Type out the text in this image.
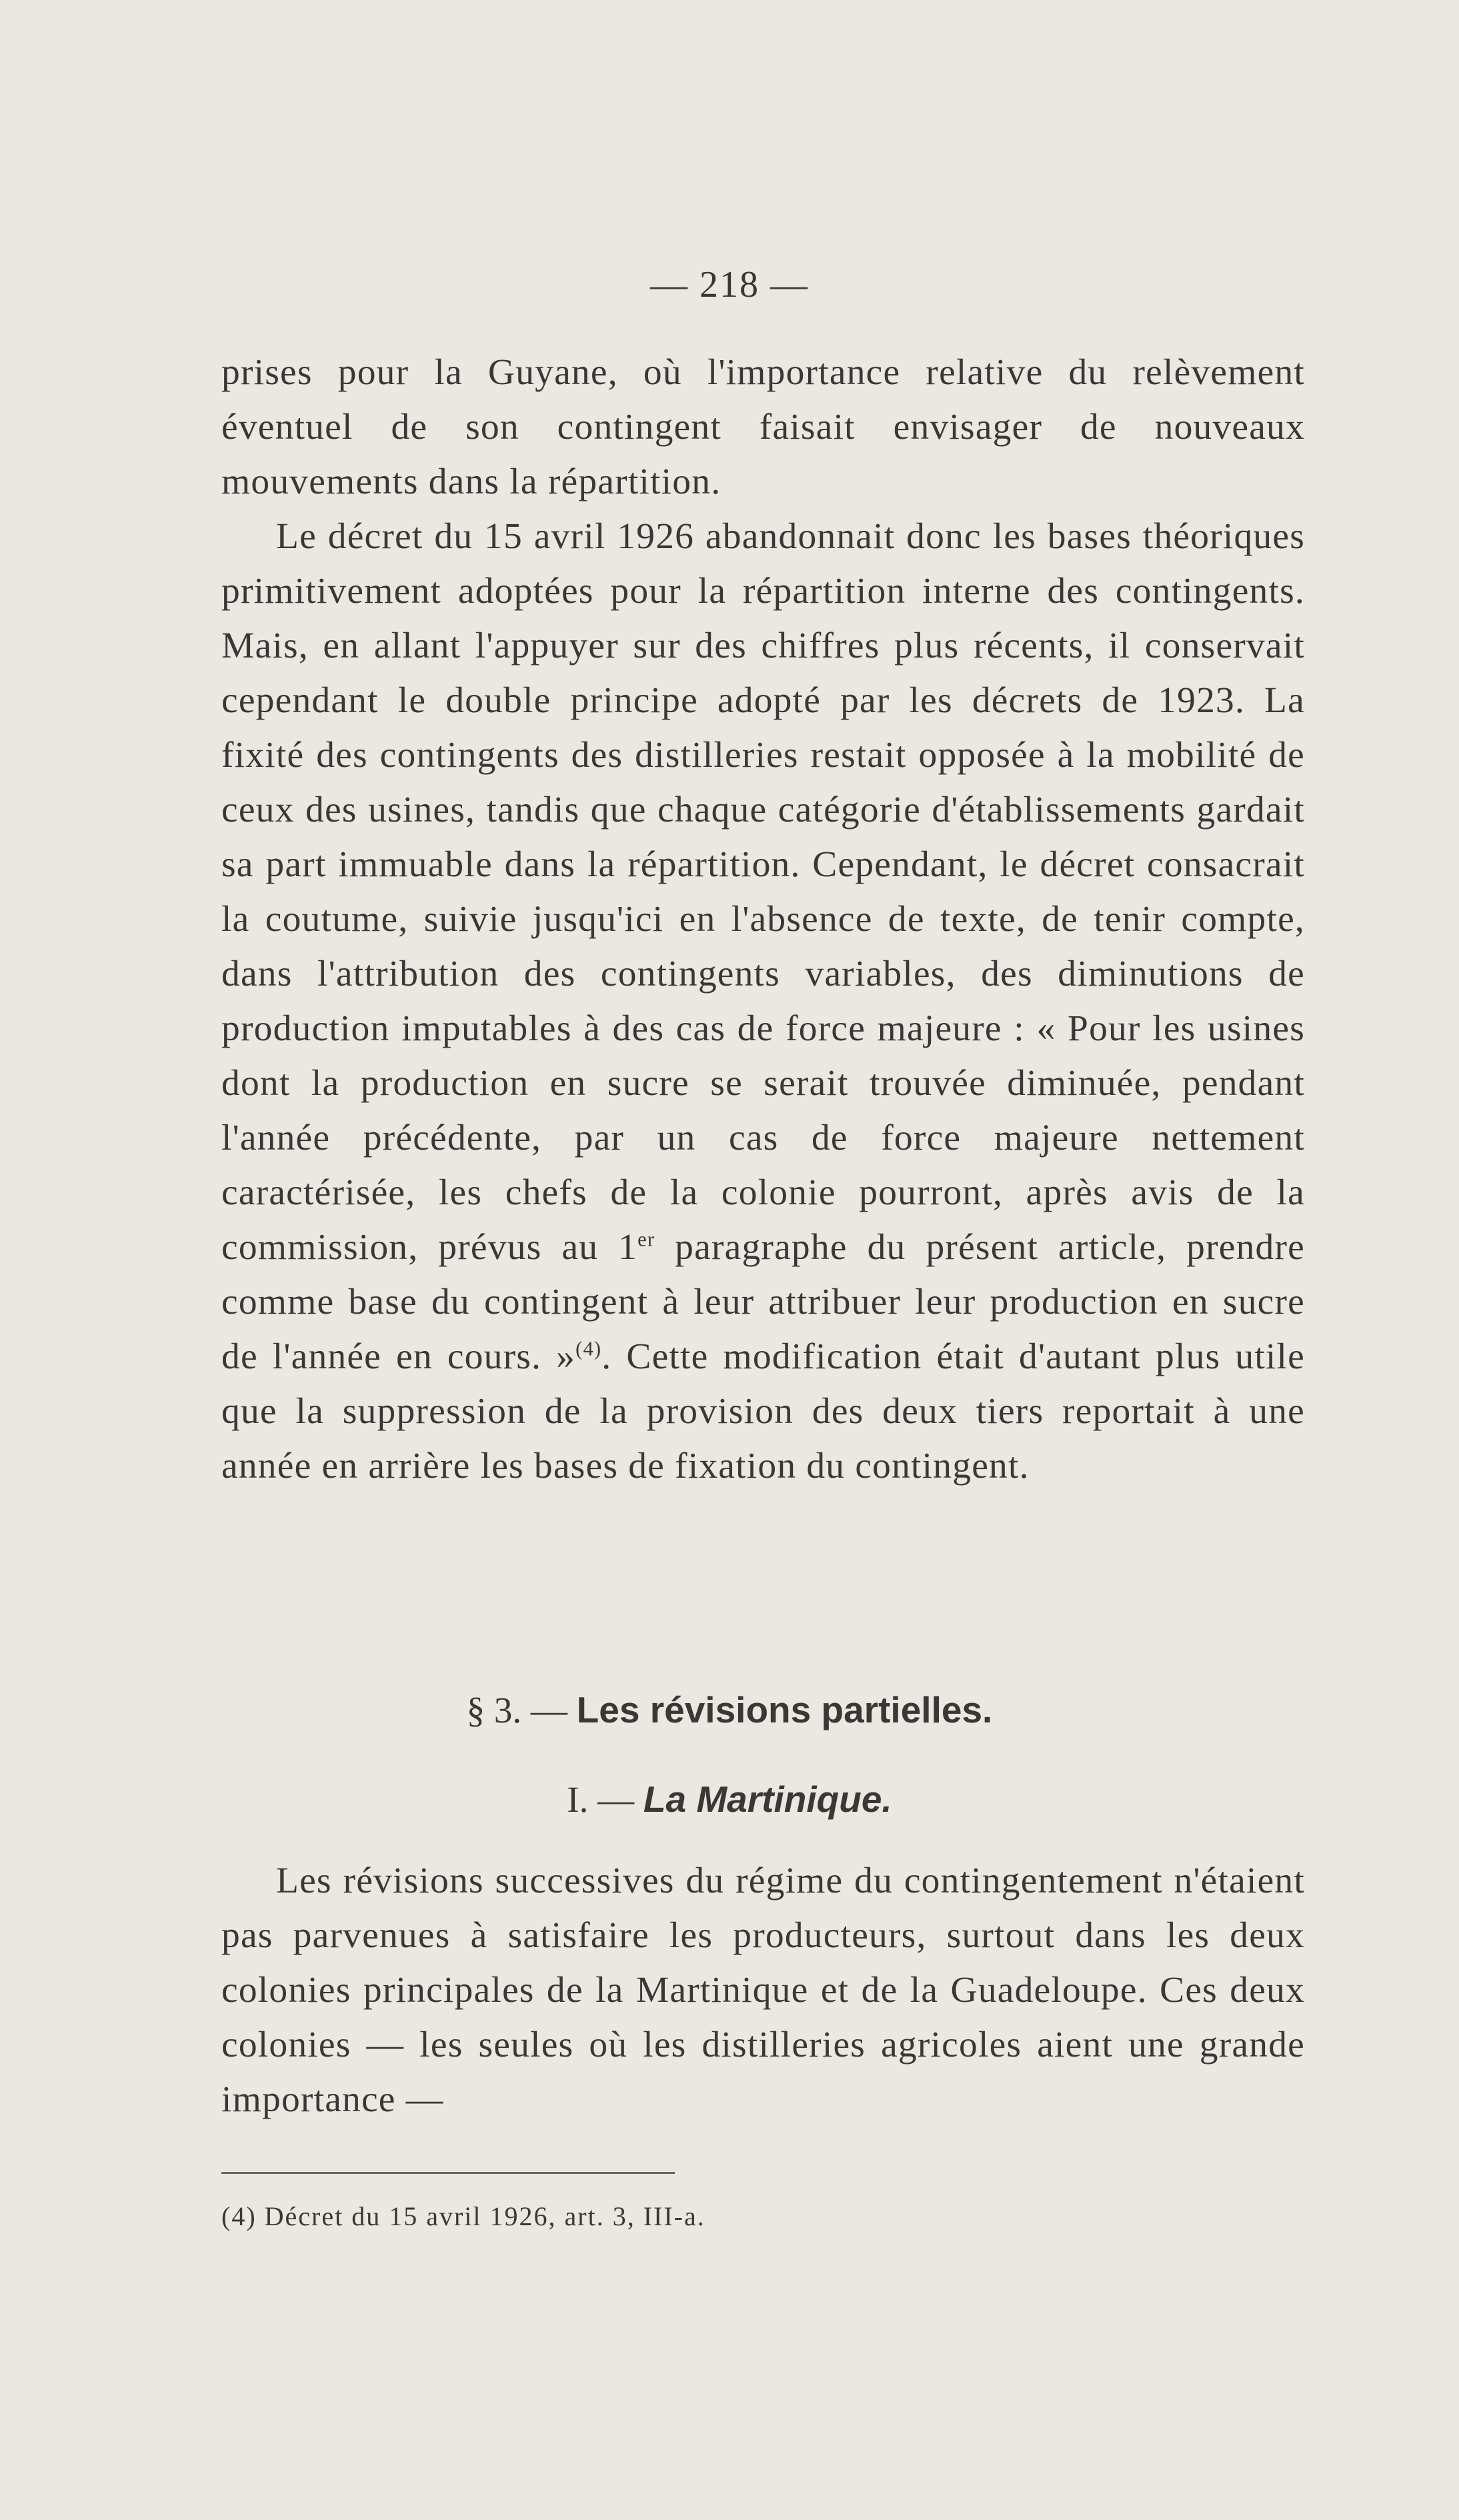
— 218 —

prises pour la Guyane, où l'importance relative du relèvement éventuel de son contingent faisait envisager de nouveaux mouvements dans la répartition.

Le décret du 15 avril 1926 abandonnait donc les bases théoriques primitivement adoptées pour la répartition interne des contingents. Mais, en allant l'appuyer sur des chiffres plus récents, il conservait cependant le double principe adopté par les décrets de 1923. La fixité des contingents des distilleries restait opposée à la mobilité de ceux des usines, tandis que chaque catégorie d'établissements gardait sa part immuable dans la répartition. Cependant, le décret consacrait la coutume, suivie jusqu'ici en l'absence de texte, de tenir compte, dans l'attribution des contingents variables, des diminutions de production imputables à des cas de force majeure : « Pour les usines dont la production en sucre se serait trouvée diminuée, pendant l'année précédente, par un cas de force majeure nettement caractérisée, les chefs de la colonie pourront, après avis de la commission, prévus au 1er paragraphe du présent article, prendre comme base du contingent à leur attribuer leur production en sucre de l'année en cours. »$^{(4)}$. Cette modification était d'autant plus utile que la suppression de la provision des deux tiers reportait à une année en arrière les bases de fixation du contingent.

§ 3. — Les révisions partielles.
I. — La Martinique.

Les révisions successives du régime du contingentement n'étaient pas parvenues à satisfaire les producteurs, surtout dans les deux colonies principales de la Martinique et de la Guadeloupe. Ces deux colonies — les seules où les distilleries agricoles aient une grande importance —

(4) Décret du 15 avril 1926, art. 3, III-a.
